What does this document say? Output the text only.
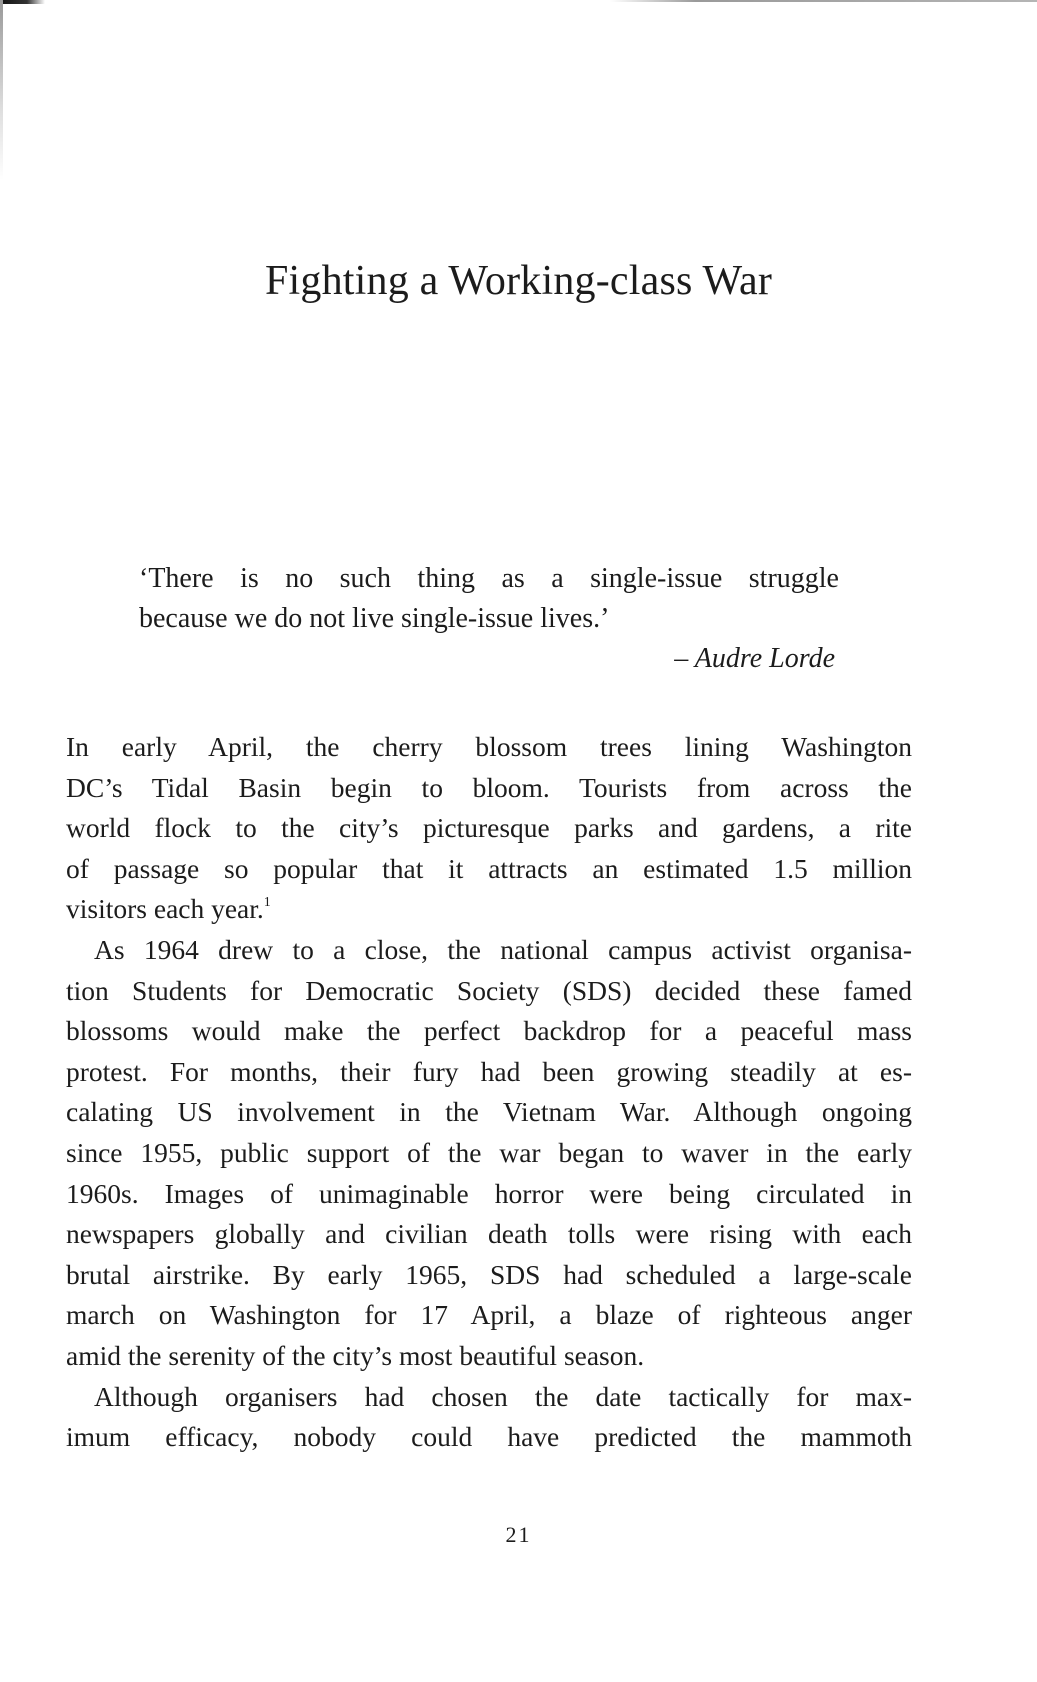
Fighting a Working-class War
‘There is no such thing as a single-issue struggle
because we do not live single-issue lives.’
– Audre Lorde
In early April, the cherry blossom trees lining Washington
DC’s Tidal Basin begin to bloom. Tourists from across the
world flock to the city’s picturesque parks and gardens, a rite
of passage so popular that it attracts an estimated 1.5 million
visitors each year.$^1$
As 1964 drew to a close, the national campus activist organisa-
tion Students for Democratic Society (SDS) decided these famed
blossoms would make the perfect backdrop for a peaceful mass
protest. For months, their fury had been growing steadily at es-
calating US involvement in the Vietnam War. Although ongoing
since 1955, public support of the war began to waver in the early
1960s. Images of unimaginable horror were being circulated in
newspapers globally and civilian death tolls were rising with each
brutal airstrike. By early 1965, SDS had scheduled a large-scale
march on Washington for 17 April, a blaze of righteous anger
amid the serenity of the city’s most beautiful season.
Although organisers had chosen the date tactically for max-
imum efficacy, nobody could have predicted the mammoth
21
